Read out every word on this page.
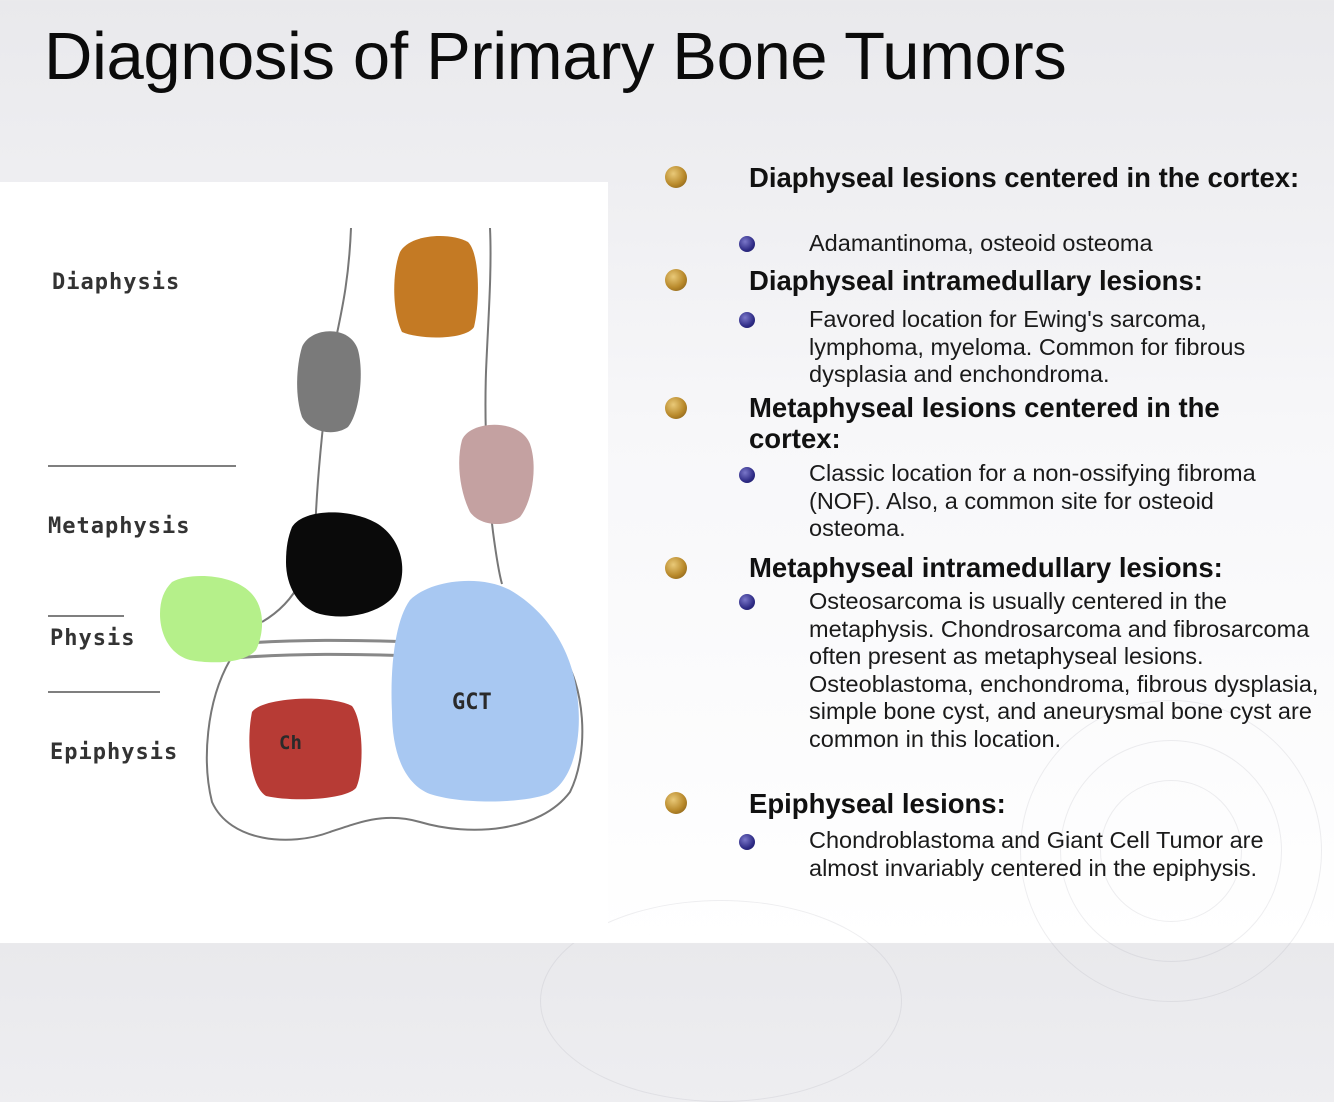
Diagnosis of Primary Bone Tumors
Diaphysis
Metaphysis
Physis
Epiphysis	Ch
GCT

Diaphyseal lesions centered in the cortex:

Adamantinoma, osteoid osteoma

Diaphyseal intramedullary lesions:

Favored location for Ewing's sarcoma, lymphoma, myeloma. Common for fibrous dysplasia and enchondroma.

Metaphyseal lesions centered in the cortex:

Classic location for a non-ossifying fibroma (NOF). Also, a common site for osteoid osteoma.

Metaphyseal intramedullary lesions:

Osteosarcoma is usually centered in the metaphysis. Chondrosarcoma and fibrosarcoma often present as metaphyseal lesions. Osteoblastoma, enchondroma, fibrous dysplasia, simple bone cyst, and aneurysmal bone cyst are common in this location.

Epiphyseal lesions:

Chondroblastoma and Giant Cell Tumor are almost invariably centered in the epiphysis.
